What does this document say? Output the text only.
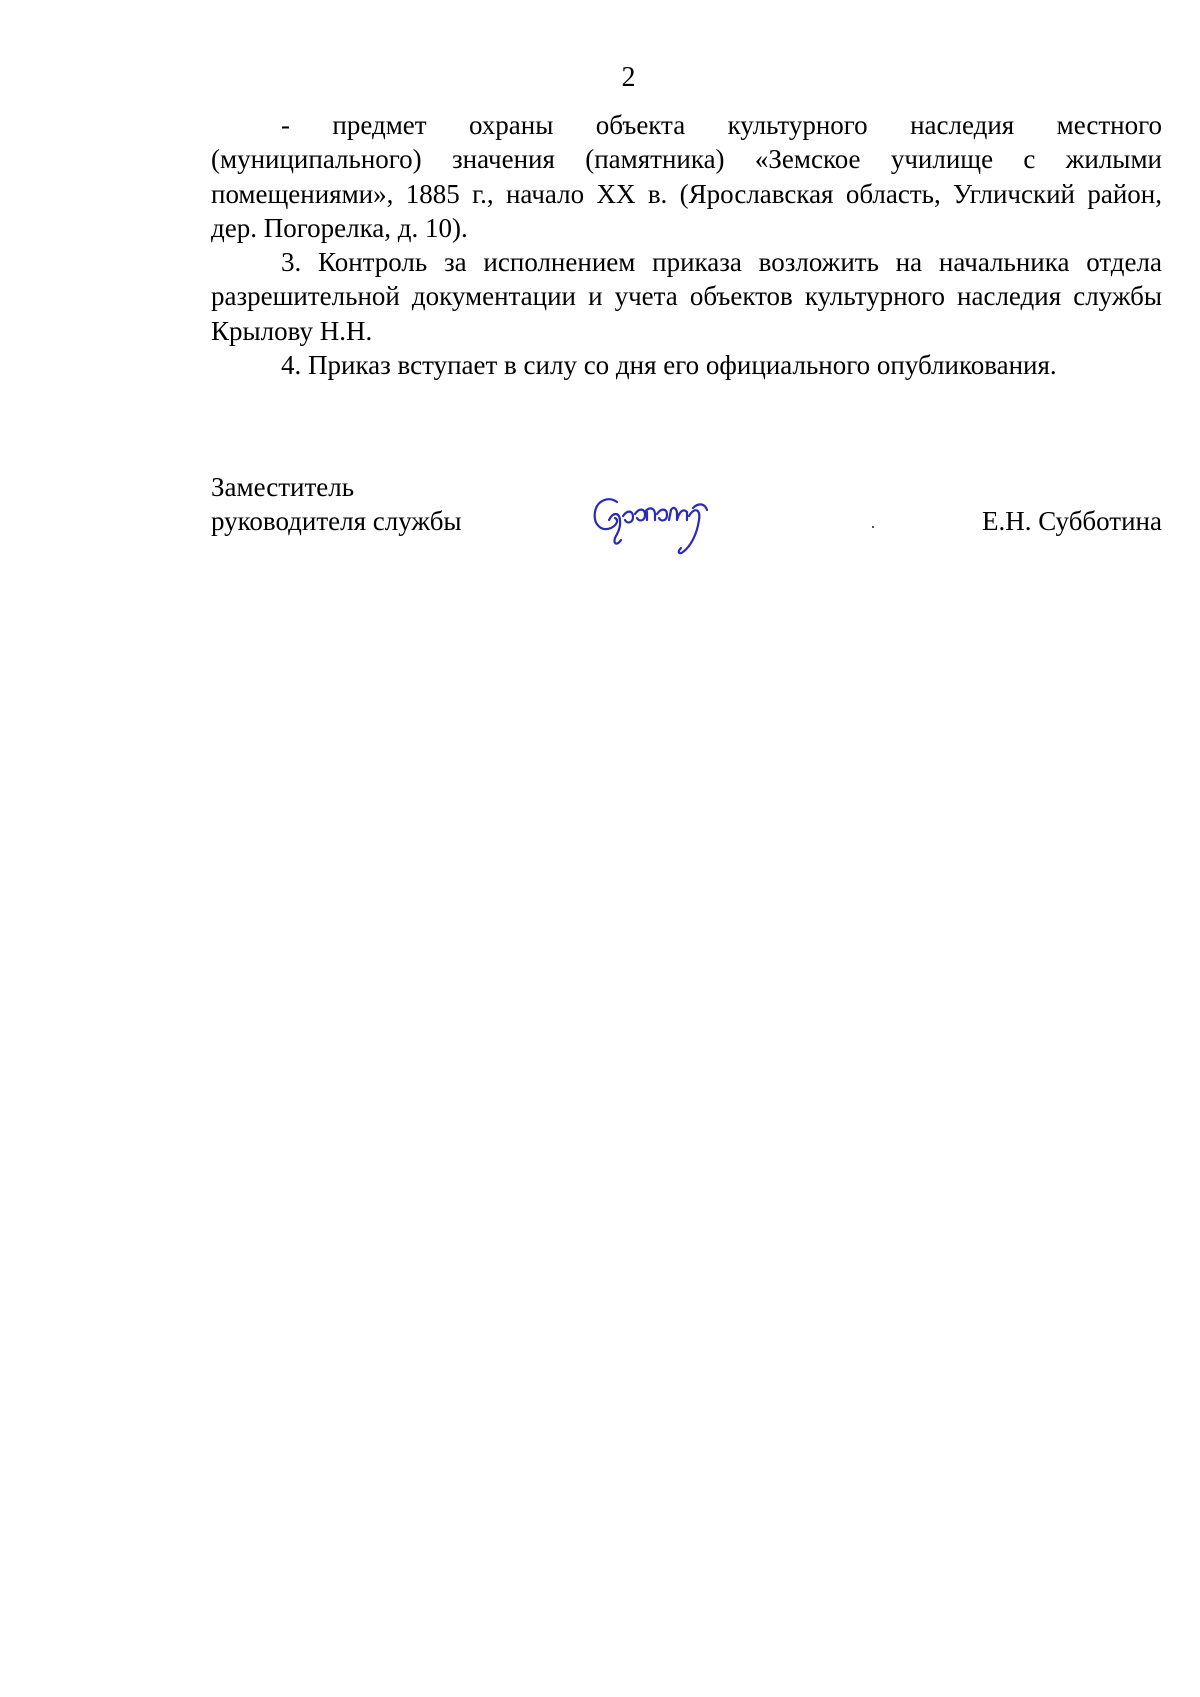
2

- предмет охраны объекта культурного наследия местного (муниципального) значения (памятника) «Земское училище с жилыми помещениями», 1885 г., начало XX в. (Ярославская область, Угличский район, дер. Погорелка, д. 10).

3. Контроль за исполнением приказа возложить на начальника отдела разрешительной документации и учета объектов культурного наследия службы Крылову Н.Н.

4. Приказ вступает в силу со дня его официального опубликования.

Заместитель
руководителя службы	Е.Н. Субботина
